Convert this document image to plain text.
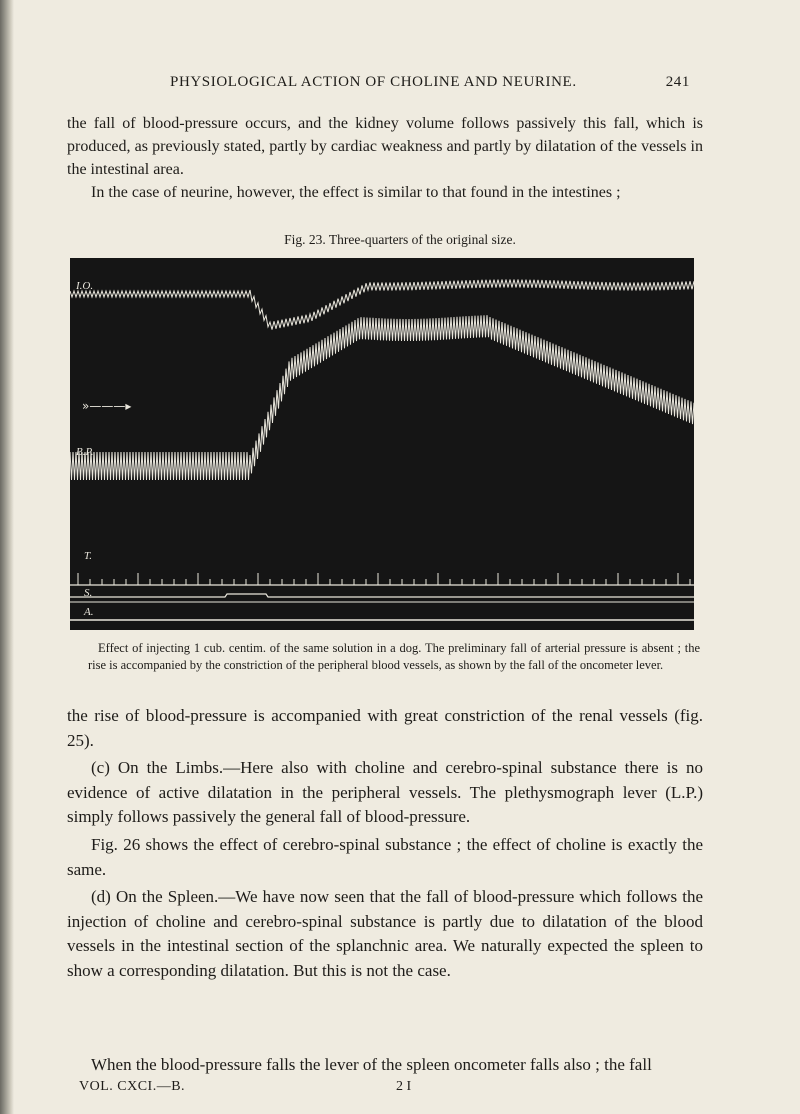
PHYSIOLOGICAL ACTION OF CHOLINE AND NEURINE.	241

the fall of blood-pressure occurs, and the kidney volume follows passively this fall, which is produced, as previously stated, partly by cardiac weakness and partly by dilatation of the vessels in the intestinal area.

In the case of neurine, however, the effect is similar to that found in the intestines ;

Fig. 23. Three-quarters of the original size.
I.O.
»———▸
B.P.
T.
S.
A.

Effect of injecting 1 cub. centim. of the same solution in a dog. The preliminary fall of arterial pressure is absent ; the rise is accompanied by the constriction of the peripheral blood vessels, as shown by the fall of the oncometer lever.

the rise of blood-pressure is accompanied with great constriction of the renal vessels (fig. 25).

(c) On the Limbs.—Here also with choline and cerebro-spinal substance there is no evidence of active dilatation in the peripheral vessels. The plethysmograph lever (L.P.) simply follows passively the general fall of blood-pressure.

Fig. 26 shows the effect of cerebro-spinal substance ; the effect of choline is exactly the same.

(d) On the Spleen.—We have now seen that the fall of blood-pressure which follows the injection of choline and cerebro-spinal substance is partly due to dilatation of the blood vessels in the intestinal section of the splanchnic area. We naturally expected the spleen to show a corresponding dilatation. But this is not the case.

When the blood-pressure falls the lever of the spleen oncometer falls also ; the fall

VOL. CXCI.—B.	2 I
